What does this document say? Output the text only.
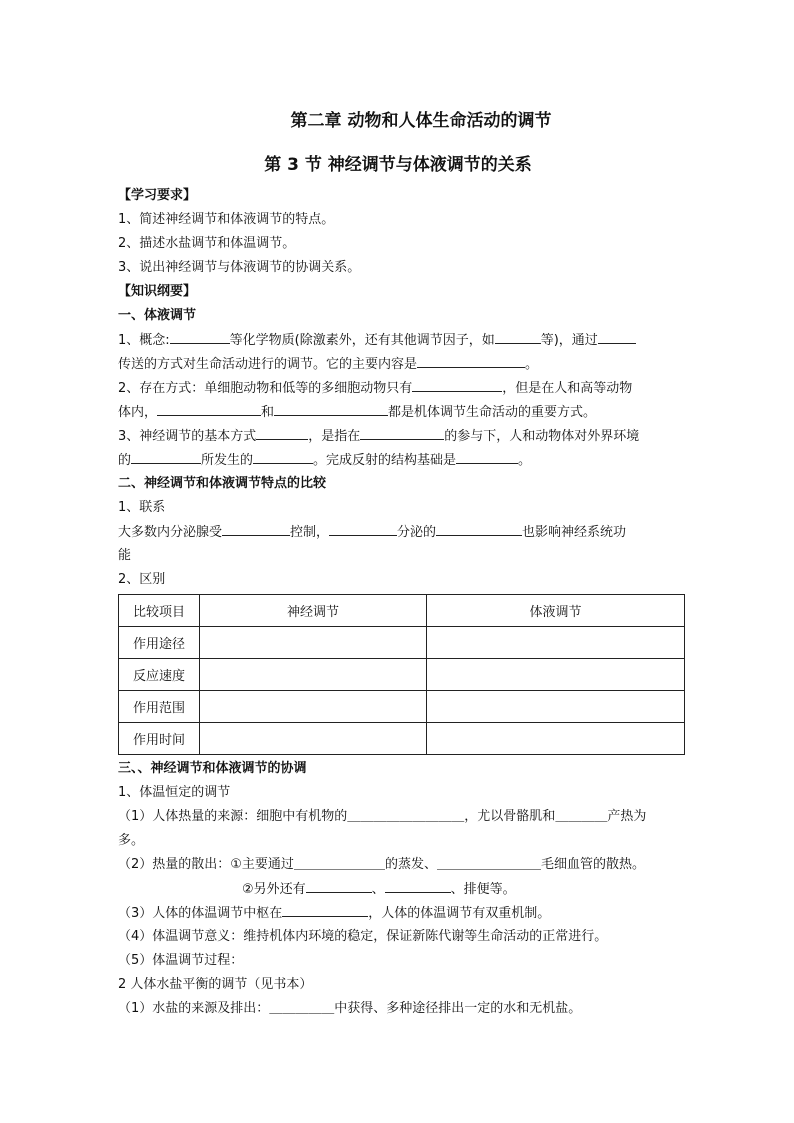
第二章 动物和人体生命活动的调节
第 3 节 神经调节与体液调节的关系
【学习要求】
1、简述神经调节和体液调节的特点。
2、描述水盐调节和体温调节。
3、说出神经调节与体液调节的协调关系。
【知识纲要】
一、体液调节
1、概念:	等化学物质(除激素外，还有其他调节因子，如	等)，通过
传送的方式对生命活动进行的调节。它的主要内容是	。
2、存在方式：单细胞动物和低等的多细胞动物只有	，但是在人和高等动物
体内，	和	都是机体调节生命活动的重要方式。
3、神经调节的基本方式	，是指在	的参与下，人和动物体对外界环境
的	所发生的	。完成反射的结构基础是	。
二、神经调节和体液调节特点的比较
1、联系
大多数内分泌腺受	控制，	分泌的	也影响神经系统功
能
2、区别
比较项目	神经调节	体液调节
作用途径		
反应速度		
作用范围		
作用时间		
三、、神经调节和体液调节的协调
1、体温恒定的调节
（1）人体热量的来源：细胞中有机物的＿＿＿＿＿＿＿＿＿，尤以骨骼肌和＿＿＿＿产热为
多。
（2）热量的散出：①主要通过＿＿＿＿＿＿＿的蒸发、＿＿＿＿＿＿＿＿毛细血管的散热。
②另外还有	、	、排便等。
（3）人体的体温调节中枢在	，人体的体温调节有双重机制。
（4）体温调节意义：维持机体内环境的稳定，保证新陈代谢等生命活动的正常进行。
（5）体温调节过程：
2 人体水盐平衡的调节（见书本）
（1）水盐的来源及排出：＿＿＿＿＿中获得、多种途径排出一定的水和无机盐。
